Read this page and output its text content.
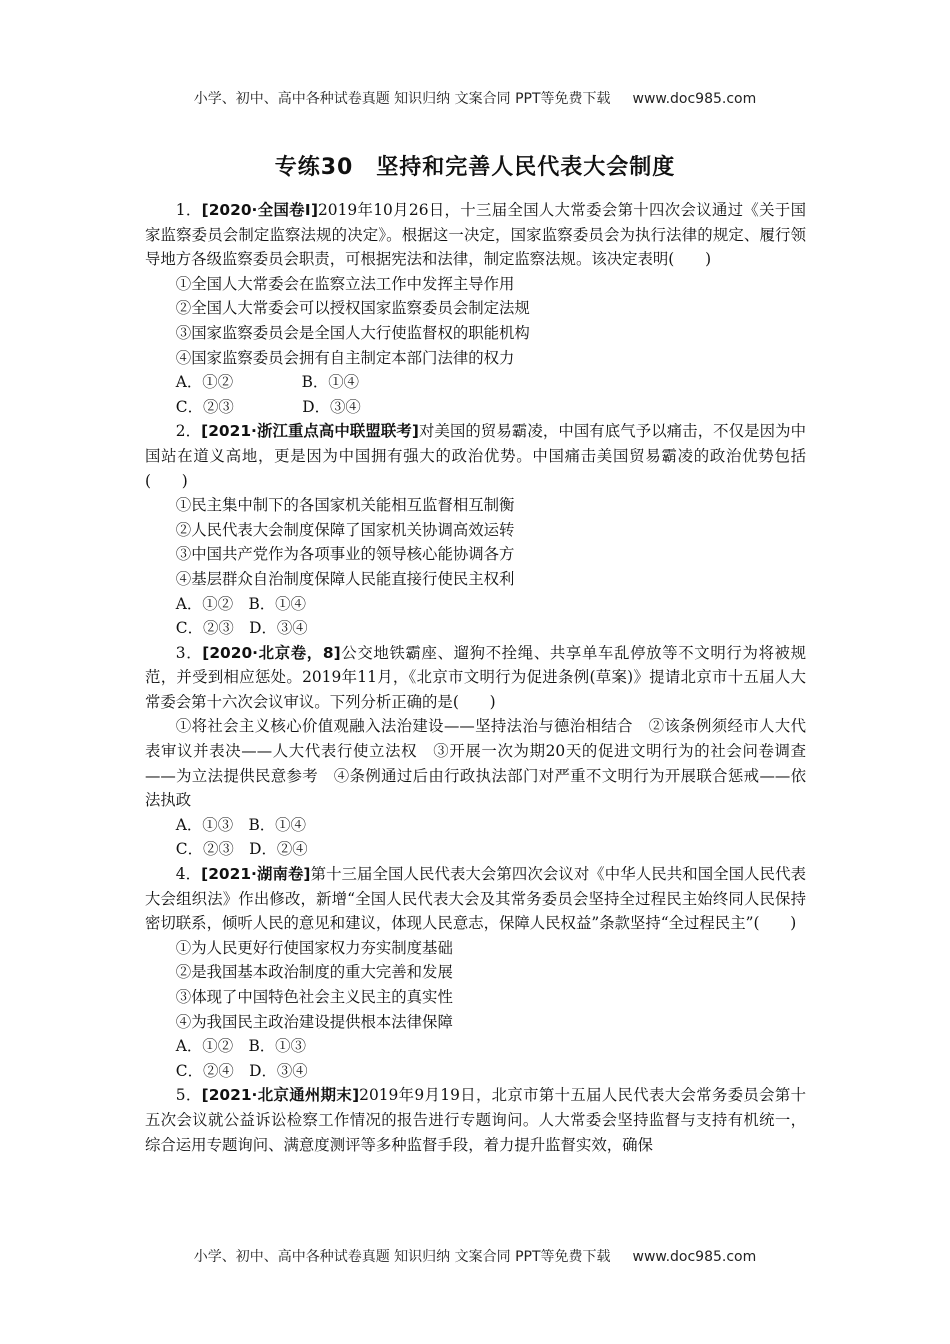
小学、初中、高中各种试卷真题 知识归纳 文案合同 PPT等免费下载 www.doc985.com
专练30　坚持和完善人民代表大会制度

1．[2020·全国卷Ⅰ]2019年10月26日，十三届全国人大常委会第十四次会议通过《关于国家监察委员会制定监察法规的决定》。根据这一决定，国家监察委员会为执行法律的规定、履行领导地方各级监察委员会职责，可根据宪法和法律，制定监察法规。该决定表明(　　)

①全国人大常委会在监察立法工作中发挥主导作用

②全国人大常委会可以授权国家监察委员会制定法规

③国家监察委员会是全国人大行使监督权的职能机构

④国家监察委员会拥有自主制定本部门法律的权力

A．①②              B．①④

C．②③              D．③④

2．[2021·浙江重点高中联盟联考]对美国的贸易霸凌，中国有底气予以痛击，不仅是因为中国站在道义高地，更是因为中国拥有强大的政治优势。中国痛击美国贸易霸凌的政治优势包括(　　)

①民主集中制下的各国家机关能相互监督相互制衡

②人民代表大会制度保障了国家机关协调高效运转

③中国共产党作为各项事业的领导核心能协调各方

④基层群众自治制度保障人民能直接行使民主权利

A．①②　B．①④

C．②③　D．③④

3．[2020·北京卷，8]公交地铁霸座、遛狗不拴绳、共享单车乱停放等不文明行为将被规范，并受到相应惩处。2019年11月，《北京市文明行为促进条例(草案)》提请北京市十五届人大常委会第十六次会议审议。下列分析正确的是(　　)

①将社会主义核心价值观融入法治建设——坚持法治与德治相结合　②该条例须经市人大代表审议并表决——人大代表行使立法权　③开展一次为期20天的促进文明行为的社会问卷调查——为立法提供民意参考　④条例通过后由行政执法部门对严重不文明行为开展联合惩戒——依法执政

A．①③　B．①④

C．②③　D．②④

4．[2021·湖南卷]第十三届全国人民代表大会第四次会议对《中华人民共和国全国人民代表大会组织法》作出修改，新增“全国人民代表大会及其常务委员会坚持全过程民主始终同人民保持密切联系，倾听人民的意见和建议，体现人民意志，保障人民权益”条款坚持“全过程民主”(　　)

①为人民更好行使国家权力夯实制度基础

②是我国基本政治制度的重大完善和发展

③体现了中国特色社会主义民主的真实性

④为我国民主政治建设提供根本法律保障

A．①②　B．①③

C．②④　D．③④

5．[2021·北京通州期末]2019年9月19日，北京市第十五届人民代表大会常务委员会第十五次会议就公益诉讼检察工作情况的报告进行专题询问。人大常委会坚持监督与支持有机统一，综合运用专题询问、满意度测评等多种监督手段，着力提升监督实效，确保

小学、初中、高中各种试卷真题 知识归纳 文案合同 PPT等免费下载 www.doc985.com
